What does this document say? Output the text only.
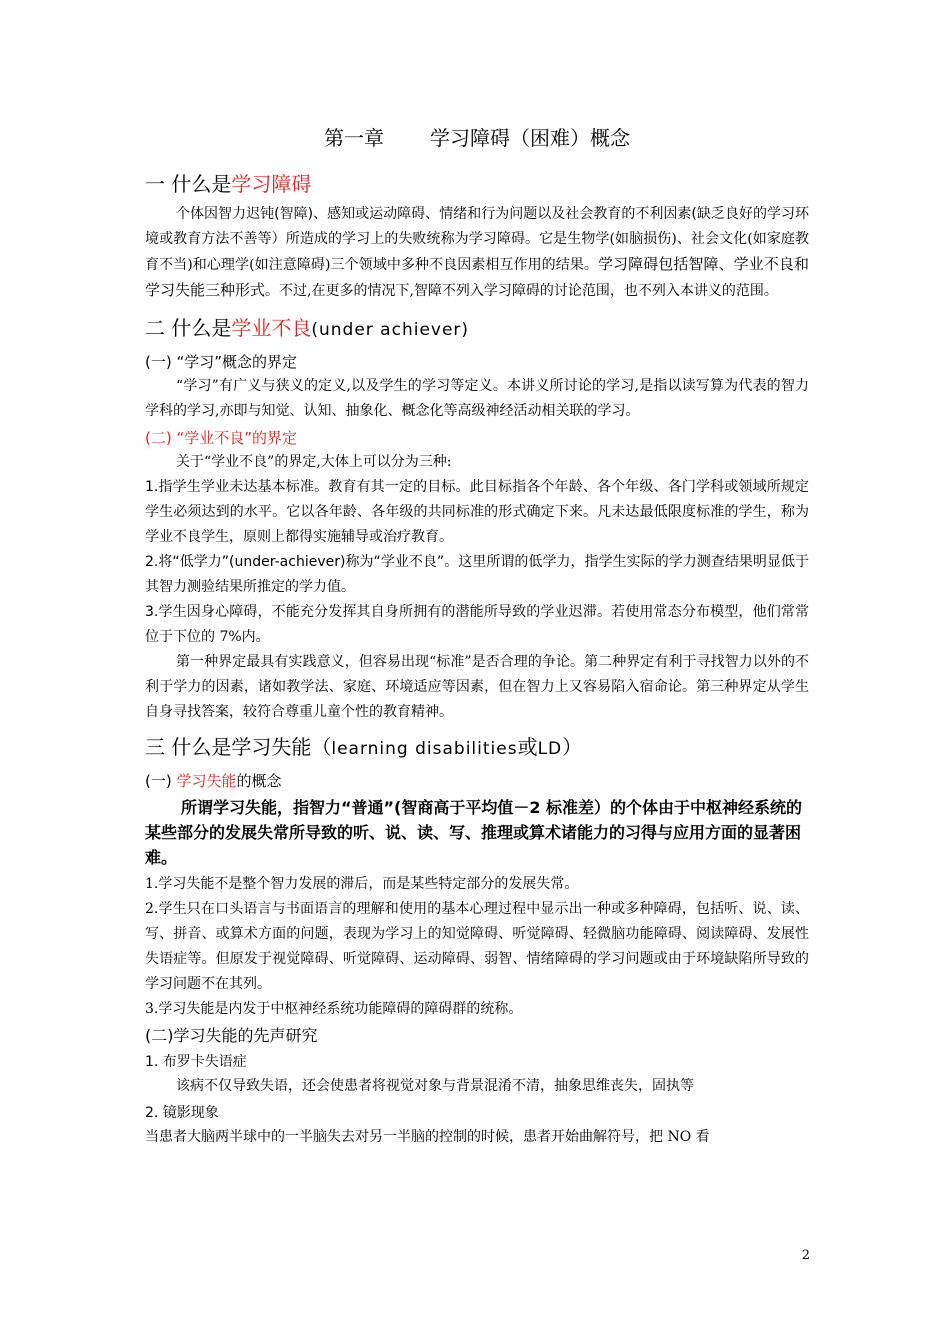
第一章 学习障碍（困难）概念
一 什么是学习障碍

个体因智力迟钝(智障)、感知或运动障碍、情绪和行为问题以及社会教育的不利因素(缺乏良好的学习环境或教育方法不善等）所造成的学习上的失败统称为学习障碍。它是生物学(如脑损伤)、社会文化(如家庭教育不当)和心理学(如注意障碍)三个领域中多种不良因素相互作用的结果。学习障碍包括智障、学业不良和学习失能三种形式。不过,在更多的情况下,智障不列入学习障碍的讨论范围，也不列入本讲义的范围。

二 什么是学业不良(under achiever)
(一) “学习”概念的界定

“学习”有广义与狭义的定义,以及学生的学习等定义。本讲义所讨论的学习,是指以读写算为代表的智力学科的学习,亦即与知觉、认知、抽象化、概念化等高级神经活动相关联的学习。

(二) “学业不良”的界定

关于“学业不良”的界定,大体上可以分为三种:

1.指学生学业未达基本标准。教育有其一定的目标。此目标指各个年龄、各个年级、各门学科或领域所规定学生必须达到的水平。它以各年龄、各年级的共同标准的形式确定下来。凡未达最低限度标准的学生，称为学业不良学生，原则上都得实施辅导或治疗教育。

2.将“低学力”(under-achiever)称为“学业不良”。这里所谓的低学力，指学生实际的学力测查结果明显低于其智力测验结果所推定的学力值。

3.学生因身心障碍，不能充分发挥其自身所拥有的潜能所导致的学业迟滞。若使用常态分布模型，他们常常位于下位的 7%内。

第一种界定最具有实践意义，但容易出现“标准”是否合理的争论。第二种界定有利于寻找智力以外的不利于学力的因素，诸如教学法、家庭、环境适应等因素，但在智力上又容易陷入宿命论。第三种界定从学生自身寻找答案，较符合尊重儿童个性的教育精神。

三 什么是学习失能（learning disabilities或LD）
(一) 学习失能的概念

所谓学习失能，指智力“普通”(智商高于平均值－2 标准差）的个体由于中枢神经系统的某些部分的发展失常所导致的听、说、读、写、推理或算术诸能力的习得与应用方面的显著困难。

1.学习失能不是整个智力发展的滞后，而是某些特定部分的发展失常。

2.学生只在口头语言与书面语言的理解和使用的基本心理过程中显示出一种或多种障碍，包括听、说、读、写、拼音、或算术方面的问题，表现为学习上的知觉障碍、听觉障碍、轻微脑功能障碍、阅读障碍、发展性失语症等。但原发于视觉障碍、听觉障碍、运动障碍、弱智、情绪障碍的学习问题或由于环境缺陷所导致的学习问题不在其列。

3.学习失能是内发于中枢神经系统功能障碍的障碍群的统称。

(二)学习失能的先声研究
1. 布罗卡失语症

该病不仅导致失语，还会使患者将视觉对象与背景混淆不清，抽象思维丧失，固执等

2. 镜影现象

当患者大脑两半球中的一半脑失去对另一半脑的控制的时候，患者开始曲解符号，把 NO 看

2
